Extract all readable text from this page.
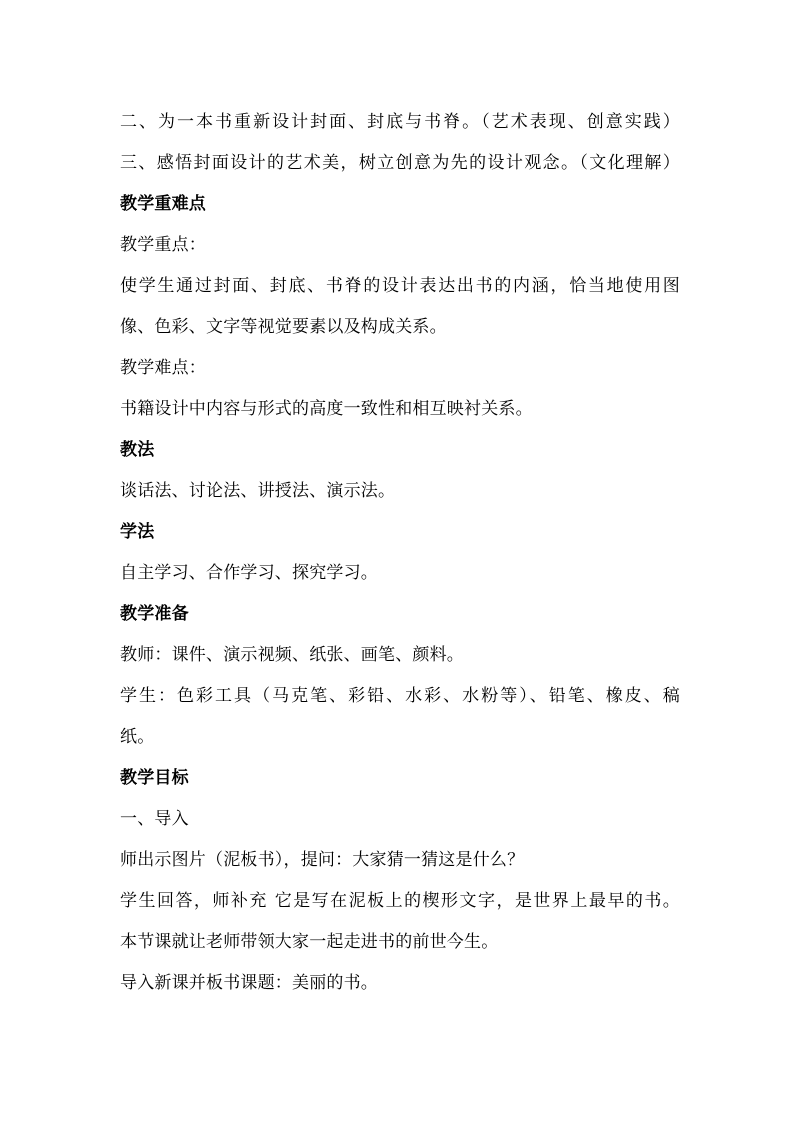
二、为一本书重新设计封面、封底与书脊。（艺术表现、创意实践）
三、感悟封面设计的艺术美，树立创意为先的设计观念。（文化理解）
教学重难点
教学重点：
使学生通过封面、封底、书脊的设计表达出书的内涵，恰当地使用图
像、色彩、文字等视觉要素以及构成关系。
教学难点：
书籍设计中内容与形式的高度一致性和相互映衬关系。
教法
谈话法、讨论法、讲授法、演示法。
学法
自主学习、合作学习、探究学习。
教学准备
教师：课件、演示视频、纸张、画笔、颜料。
学生：色彩工具（马克笔、彩铅、水彩、水粉等）、铅笔、橡皮、稿
纸。
教学目标
一、导入
师出示图片（泥板书），提问：大家猜一猜这是什么？
学生回答，师补充 它是写在泥板上的楔形文字，是世界上最早的书。
本节课就让老师带领大家一起走进书的前世今生。
导入新课并板书课题：美丽的书。
